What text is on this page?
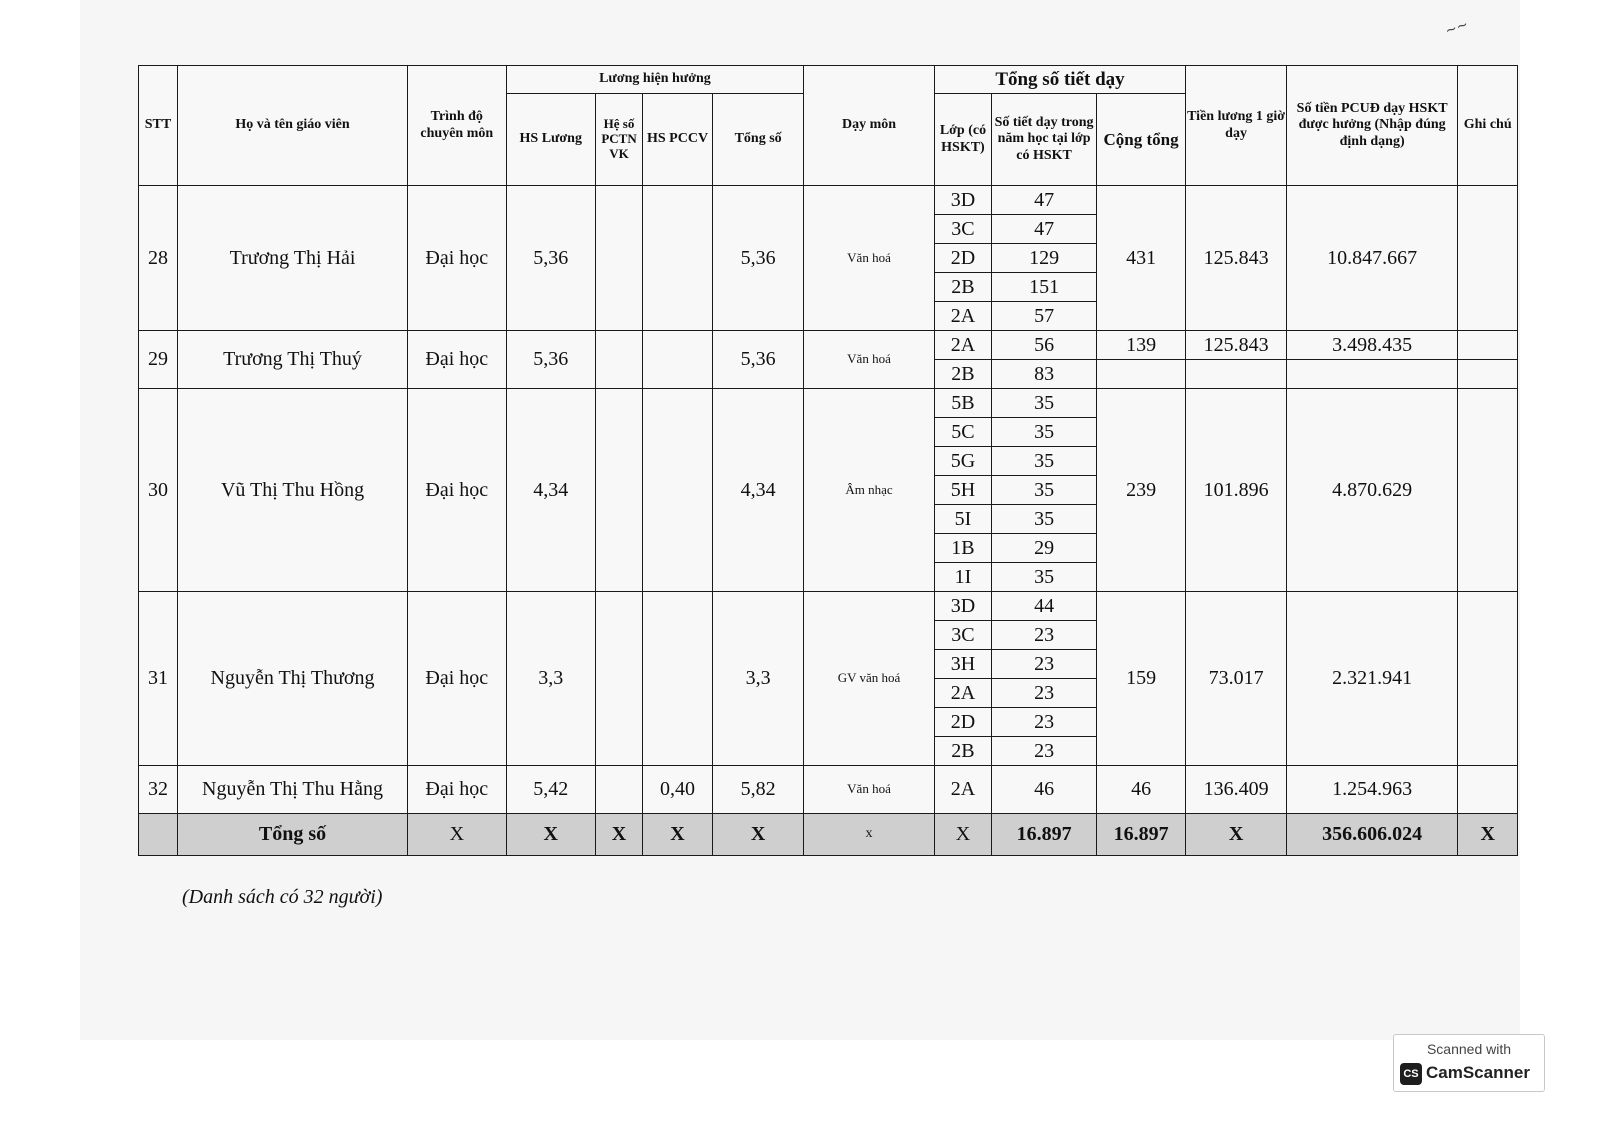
~~
STT	Họ và tên giáo viên	Trình độ chuyên môn	Lương hiện hưởng				Dạy môn	Tổng số tiết dạy			Tiền lương 1 giờ dạy	Số tiền PCUĐ dạy HSKT được hưởng (Nhập đúng định dạng)	Ghi chú
			HS Lương	Hệ số PCTN VK	HS PCCV	Tổng số		Lớp (có HSKT)	Số tiết dạy trong năm học tại lớp có HSKT	Cộng tổng			
28	Trương Thị Hải	Đại học	5,36			5,36	Văn hoá	3D	47	431	125.843	10.847.667	
								3C	47				
								2D	129				
								2B	151				
								2A	57				
29	Trương Thị Thuý	Đại học	5,36			5,36	Văn hoá	2A	56	139	125.843	3.498.435	
								2B	83				
30	Vũ Thị Thu Hồng	Đại học	4,34			4,34	Âm nhạc	5B	35	239	101.896	4.870.629	
								5C	35				
								5G	35				
								5H	35				
								5I	35				
								1B	29				
								1I	35				
31	Nguyễn Thị Thương	Đại học	3,3			3,3	GV văn hoá	3D	44	159	73.017	2.321.941	
								3C	23				
								3H	23				
								2A	23				
								2D	23				
								2B	23				
32	Nguyễn Thị Thu Hằng	Đại học	5,42		0,40	5,82	Văn hoá	2A	46	46	136.409	1.254.963	
	Tổng số	X	X	X	X	X	x	X	16.897	16.897	X	356.606.024	X
(Danh sách có 32 người)
Scanned with
CS CamScanner
